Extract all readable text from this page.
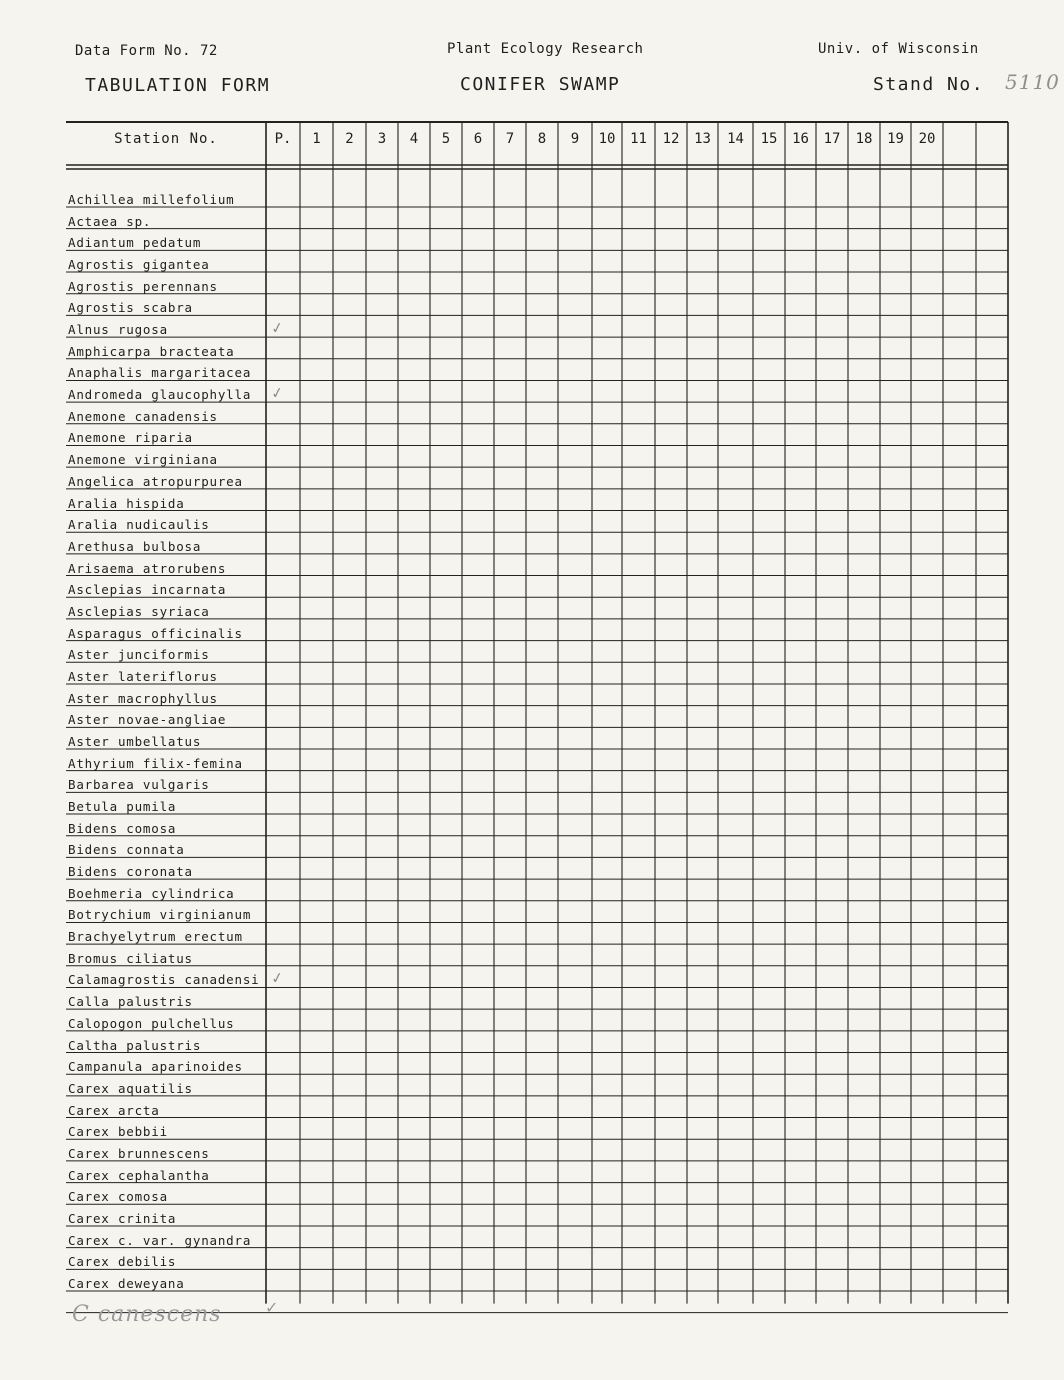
Data Form No. 72	Plant Ecology Research	Univ. of Wisconsin
TABULATION FORM	CONIFER SWAMP	Stand No. 5110
Station No.	P.	1	2	3	4	5	6	7	8	9	10	11	12	13	14	15	16	17	18	19	20
Achillea millefolium
Actaea sp.
Adiantum pedatum
Agrostis gigantea
Agrostis perennans
Agrostis scabra
Alnus rugosa	✓
Amphicarpa bracteata
Anaphalis margaritacea
Andromeda glaucophylla	✓
Anemone canadensis
Anemone riparia
Anemone virginiana
Angelica atropurpurea
Aralia hispida
Aralia nudicaulis
Arethusa bulbosa
Arisaema atrorubens
Asclepias incarnata
Asclepias syriaca
Asparagus officinalis
Aster junciformis
Aster lateriflorus
Aster macrophyllus
Aster novae-angliae
Aster umbellatus
Athyrium filix-femina
Barbarea vulgaris
Betula pumila
Bidens comosa
Bidens connata
Bidens coronata
Boehmeria cylindrica
Botrychium virginianum
Brachyelytrum erectum
Bromus ciliatus
Calamagrostis canadensi ✓
Calla palustris
Calopogon pulchellus
Caltha palustris
Campanula aparinoides
Carex aquatilis
Carex arcta
Carex bebbii
Carex brunnescens
Carex cephalantha
Carex comosa
Carex crinita
Carex c. var. gynandra
Carex debilis
Carex deweyana
C canescens	✓
